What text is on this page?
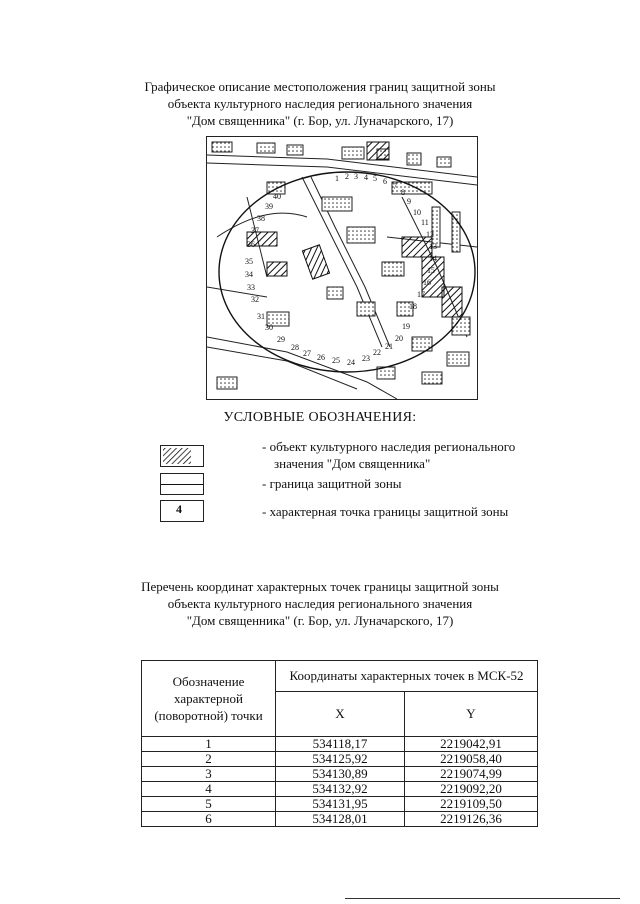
Графическое описание местоположения границ защитной зоны
объекта культурного наследия регионального значения
"Дом священника" (г. Бор, ул. Луначарского, 17)
1 2 3 4 5 6
7
8
9
10
11
12
13
14
15
16
17
18
19
20
21
22
23
24
25
26
27
28
29
30
31
32
33
34
35
36
37
38
39
40
УСЛОВНЫЕ ОБОЗНАЧЕНИЯ:
- объект культурного наследия регионального
значения "Дом священника"
- граница защитной зоны
4	- характерная точка границы защитной зоны
Перечень координат характерных точек границы защитной зоны
объекта культурного наследия регионального значения
"Дом священника" (г. Бор, ул. Луначарского, 17)
Обозначение
характерной
(поворотной) точки	Координаты характерных точек в МСК-52	
	X	Y
1	534118,17	2219042,91
2	534125,92	2219058,40
3	534130,89	2219074,99
4	534132,92	2219092,20
5	534131,95	2219109,50
6	534128,01	2219126,36
